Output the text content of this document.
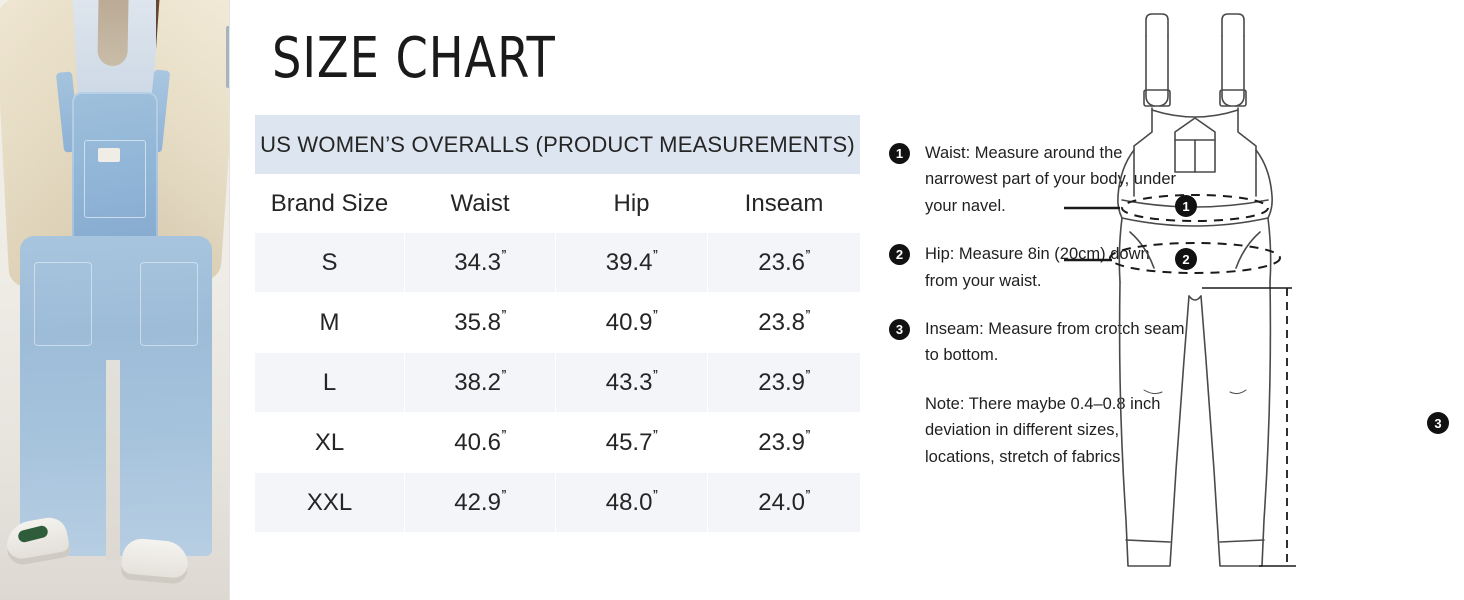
SIZE CHART
US WOMEN’S OVERALLS (PRODUCT MEASUREMENTS)			
Brand Size	Waist	Hip	Inseam
S	34.3’’	39.4’’	23.6’’
M	35.8’’	40.9’’	23.8’’
L	38.2’’	43.3’’	23.9’’
XL	40.6’’	45.7’’	23.9’’
XXL	42.9’’	48.0’’	24.0’’
1	Waist: Measure around the narrowest part of your body, under your navel.
2	Hip: Measure 8in (20cm) down from your waist.
3	Inseam: Measure from crotch seam to bottom.
Note: There maybe 0.4–0.8 inch deviation in different sizes, locations, stretch of fabrics.
1
2
3
